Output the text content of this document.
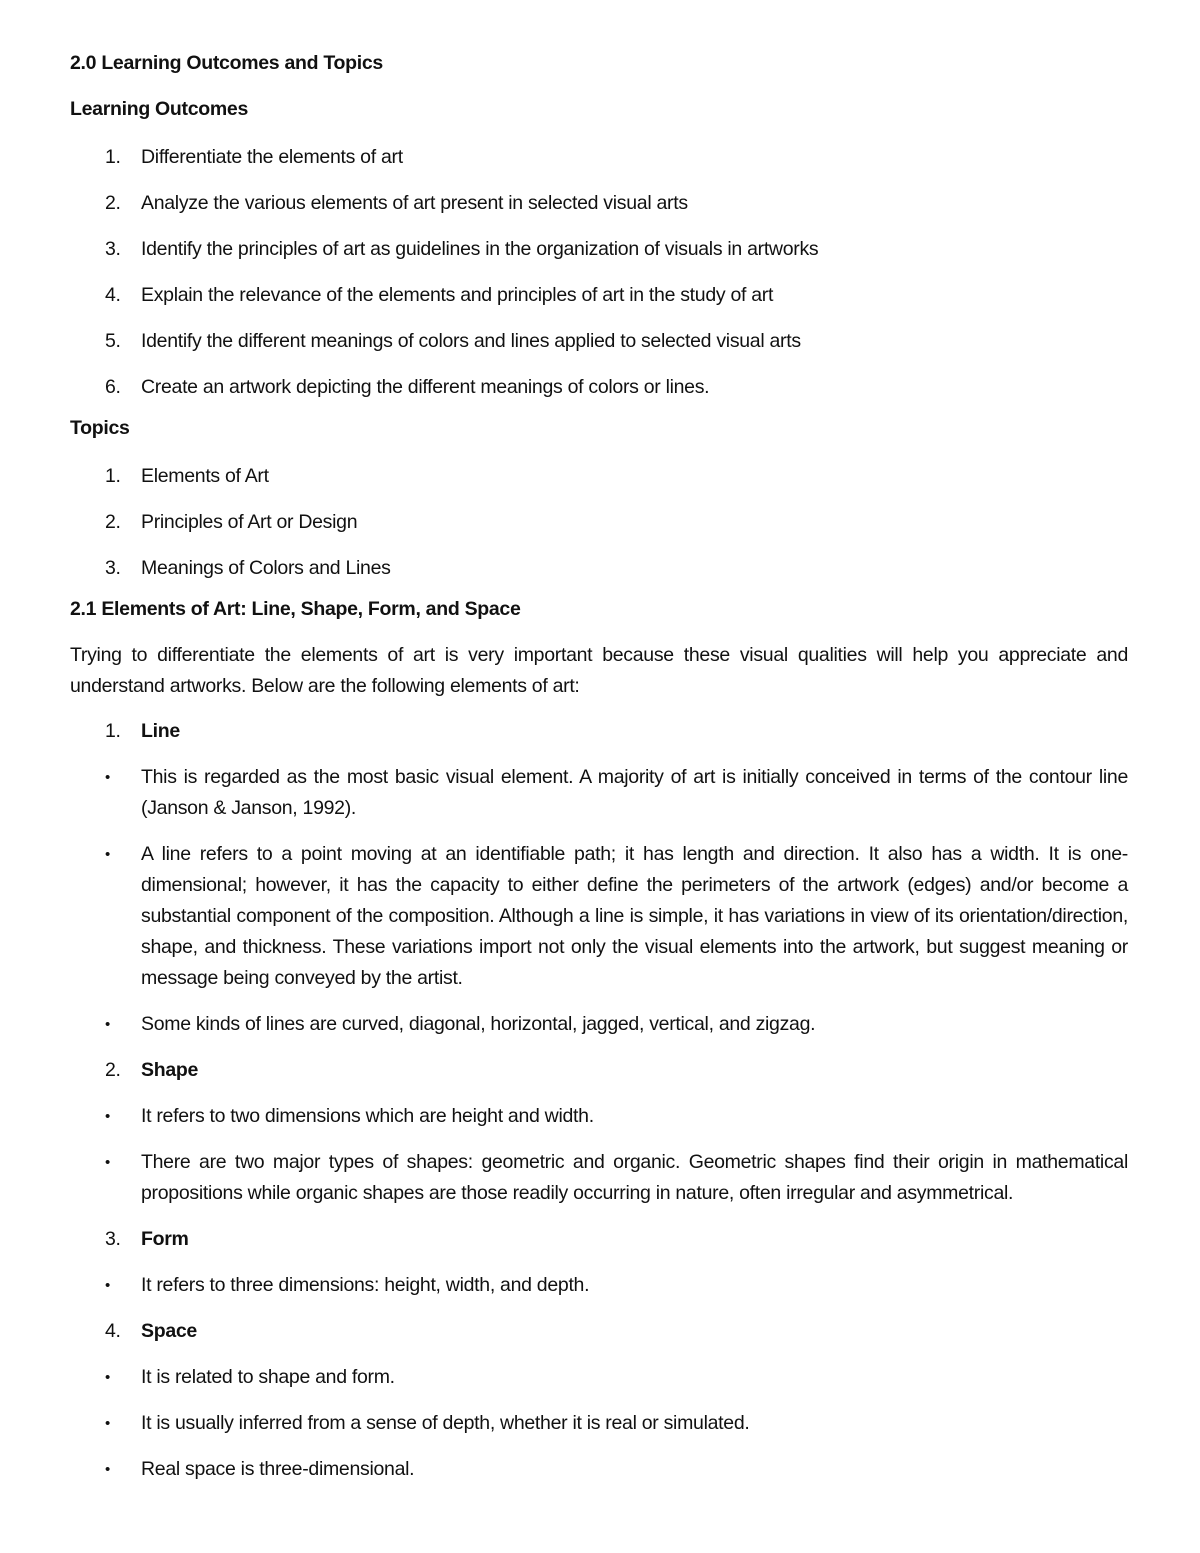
2.0 Learning Outcomes and Topics

Learning Outcomes

1. Differentiate the elements of art
2. Analyze the various elements of art present in selected visual arts
3. Identify the principles of art as guidelines in the organization of visuals in artworks
4. Explain the relevance of the elements and principles of art in the study of art
5. Identify the different meanings of colors and lines applied to selected visual arts
6. Create an artwork depicting the different meanings of colors or lines.

Topics

1. Elements of Art
2. Principles of Art or Design
3. Meanings of Colors and Lines

2.1 Elements of Art: Line, Shape, Form, and Space

Trying to differentiate the elements of art is very important because these visual qualities will help you appreciate and understand artworks. Below are the following elements of art:

1. Line
• This is regarded as the most basic visual element. A majority of art is initially conceived in terms of the contour line (Janson & Janson, 1992).
• A line refers to a point moving at an identifiable path; it has length and direction. It also has a width. It is one-dimensional; however, it has the capacity to either define the perimeters of the artwork (edges) and/or become a substantial component of the composition. Although a line is simple, it has variations in view of its orientation/direction, shape, and thickness. These variations import not only the visual elements into the artwork, but suggest meaning or message being conveyed by the artist.
• Some kinds of lines are curved, diagonal, horizontal, jagged, vertical, and zigzag.
2. Shape
• It refers to two dimensions which are height and width.
• There are two major types of shapes: geometric and organic. Geometric shapes find their origin in mathematical propositions while organic shapes are those readily occurring in nature, often irregular and asymmetrical.
3. Form
• It refers to three dimensions: height, width, and depth.
4. Space
• It is related to shape and form.
• It is usually inferred from a sense of depth, whether it is real or simulated.
• Real space is three-dimensional.
